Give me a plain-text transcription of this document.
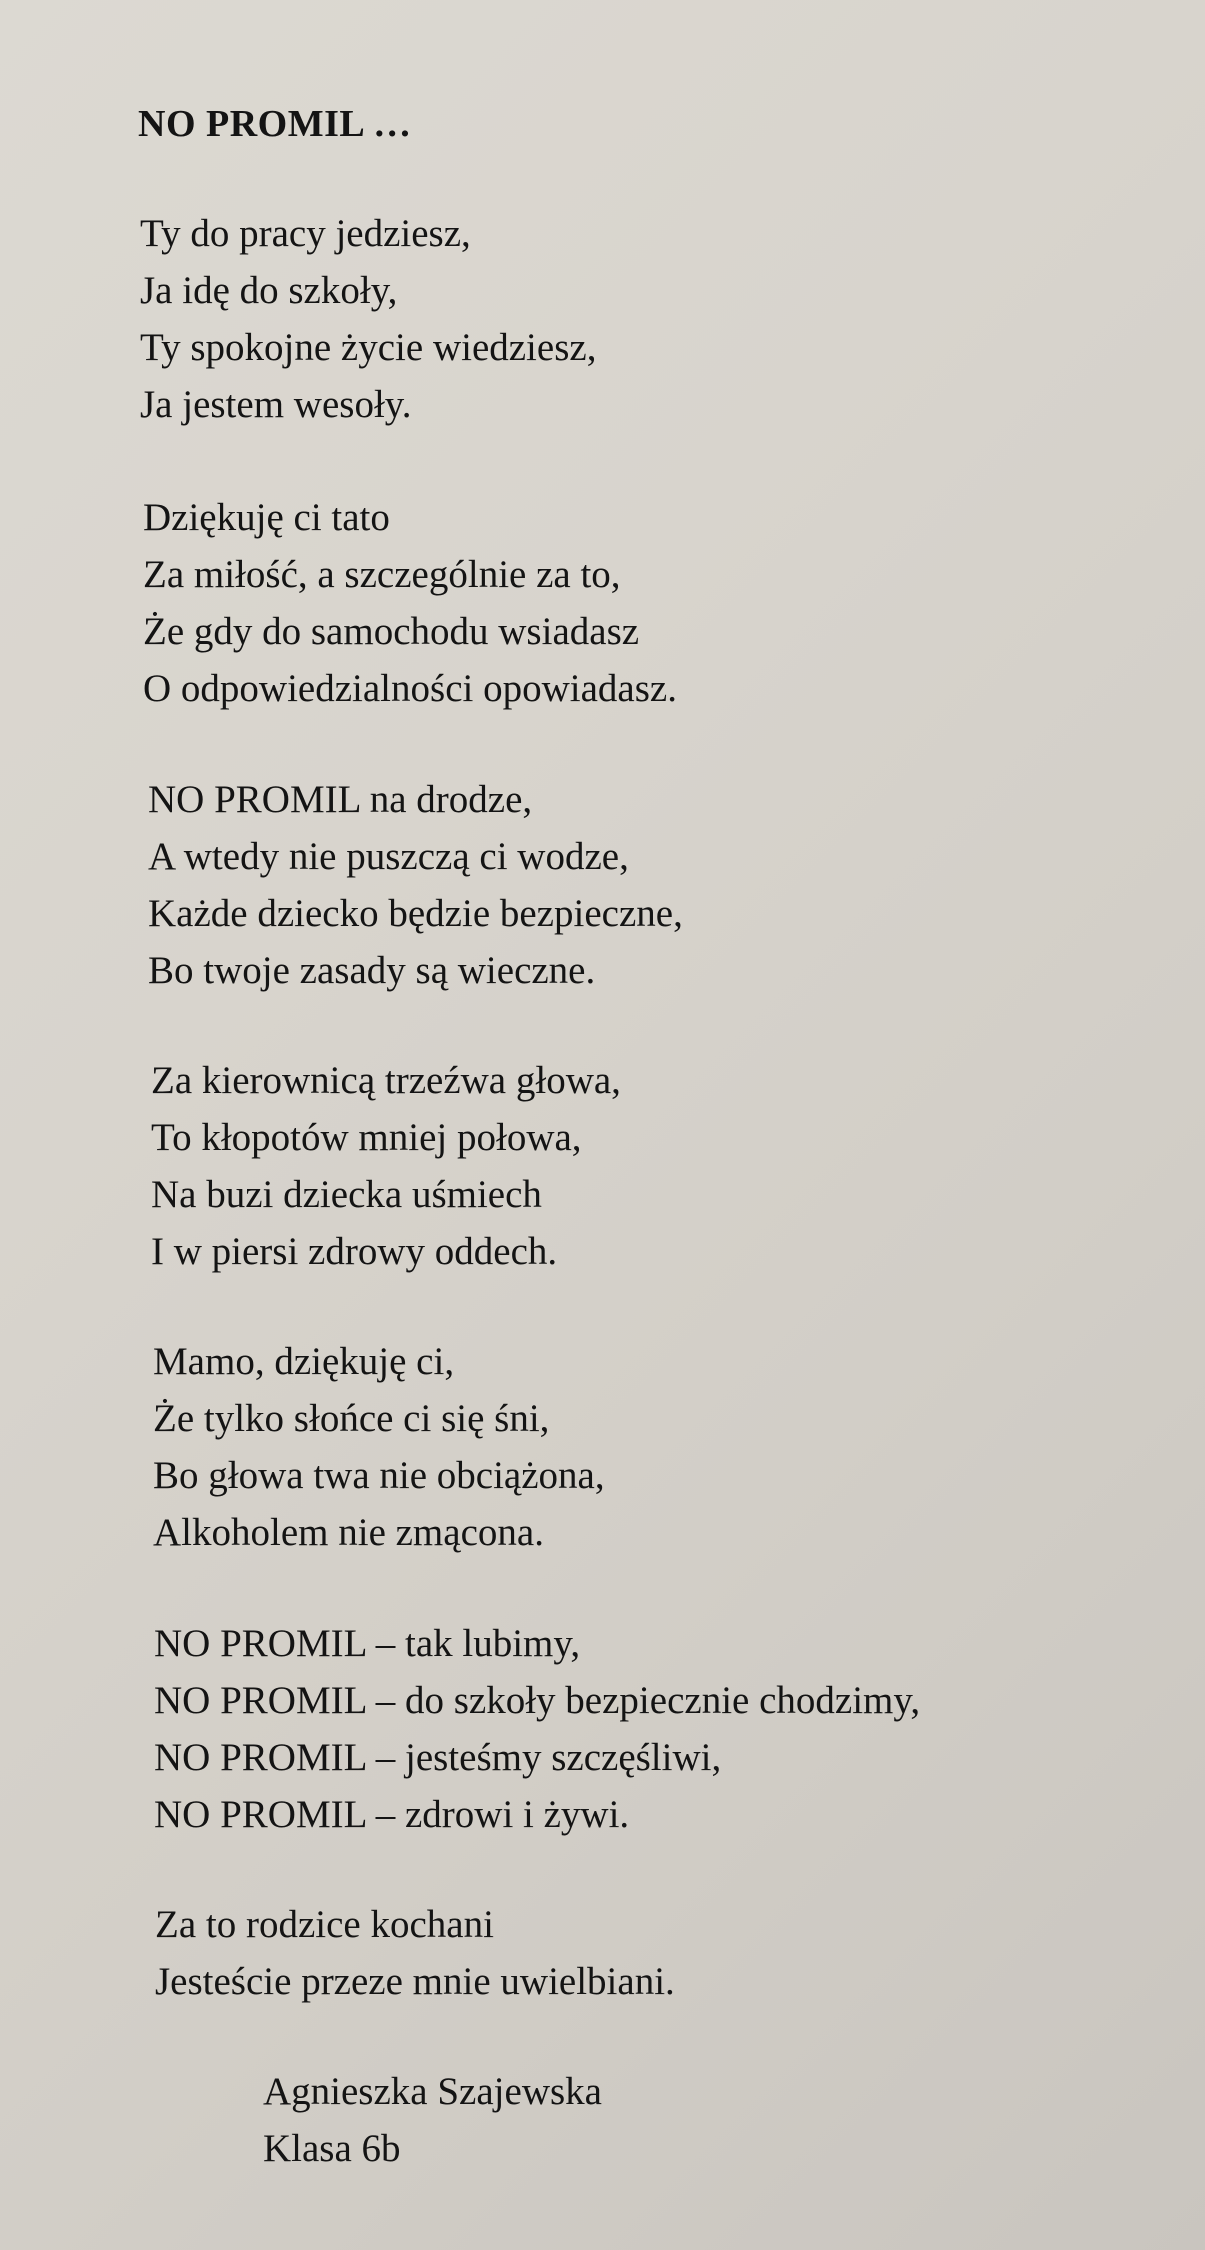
NO PROMIL …
Ty do pracy jedziesz,
Ja idę do szkoły,
Ty spokojne życie wiedziesz,
Ja jestem wesoły.
Dziękuję ci tato
Za miłość, a szczególnie za to,
Że gdy do samochodu wsiadasz
O odpowiedzialności opowiadasz.
NO PROMIL na drodze,
A wtedy nie puszczą ci wodze,
Każde dziecko będzie bezpieczne,
Bo twoje zasady są wieczne.
Za kierownicą trzeźwa głowa,
To kłopotów mniej połowa,
Na buzi dziecka uśmiech
I w piersi zdrowy oddech.
Mamo, dziękuję ci,
Że tylko słońce ci się śni,
Bo głowa twa nie obciążona,
Alkoholem nie zmącona.
NO PROMIL – tak lubimy,
NO PROMIL – do szkoły bezpiecznie chodzimy,
NO PROMIL – jesteśmy szczęśliwi,
NO PROMIL – zdrowi i żywi.
Za to rodzice kochani
Jesteście przeze mnie uwielbiani.
Agnieszka Szajewska
Klasa 6b
